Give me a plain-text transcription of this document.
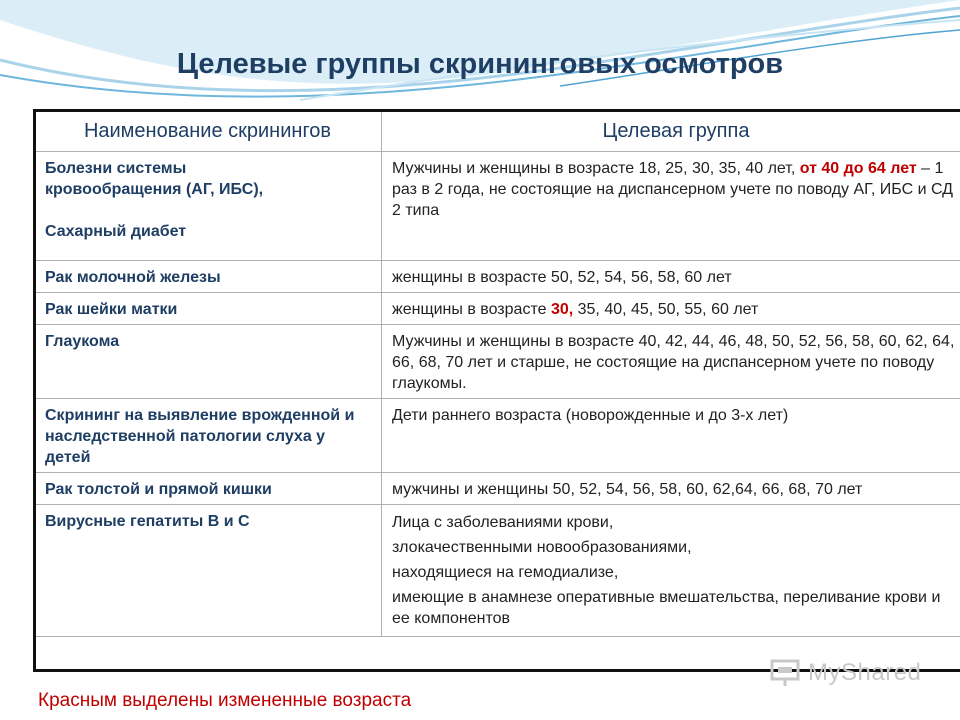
Целевые группы скрининговых осмотров
Наименование скринингов	Целевая группа

Болезни системы
кровообращения (АГ, ИБС),
Сахарный диабет	Мужчины и женщины в возрасте 18, 25, 30, 35, 40 лет, от 40 до 64 лет – 1 раз в 2 года, не состоящие на диспансерном учете по поводу АГ, ИБС и СД 2 типа
Рак молочной железы	женщины в возрасте 50, 52, 54, 56, 58, 60 лет
Рак шейки матки	женщины в возрасте 30, 35, 40, 45, 50, 55, 60 лет
Глаукома	Мужчины и женщины в возрасте 40, 42, 44, 46, 48, 50, 52, 56, 58, 60, 62, 64, 66, 68, 70 лет и старше, не состоящие на диспансерном учете по поводу глаукомы.
Скрининг на выявление врожденной и наследственной патологии слуха у детей	Дети раннего возраста (новорожденные и до 3-х лет)
Рак толстой и прямой кишки	мужчины и женщины 50, 52, 54, 56, 58, 60, 62,64, 66, 68, 70 лет
Вирусные гепатиты В и С	Лица с заболеваниями крови,
злокачественными новообразованиями,
находящиеся на гемодиализе,
имеющие в анамнезе оперативные вмешательства, переливание крови и ее компонентов
Красным выделены измененные возраста
MyShared
